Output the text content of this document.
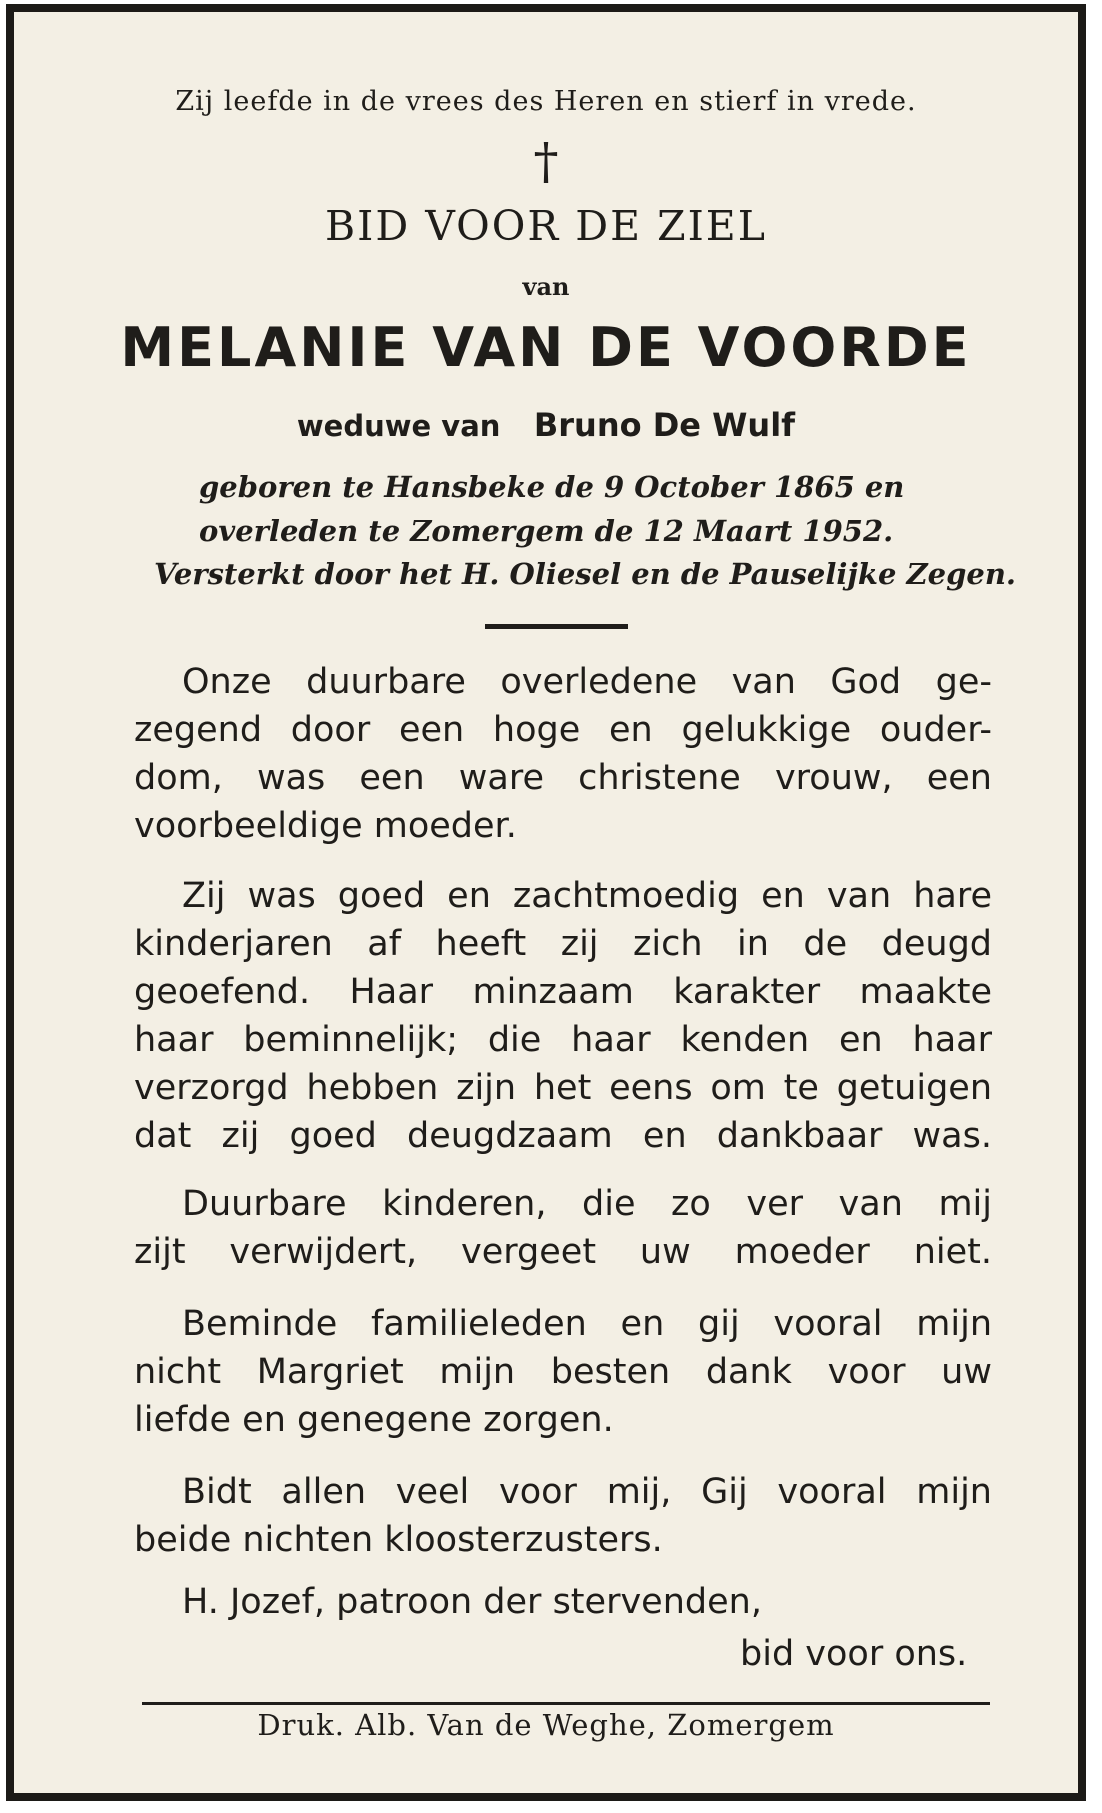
Zij leefde in de vrees des Heren en stierf in vrede.
†
BID VOOR DE ZIEL
van
MELANIE VAN DE VOORDE
weduwe van Bruno De Wulf
geboren te Hansbeke de 9 October 1865 en
overleden te Zomergem de 12 Maart 1952.
Versterkt door het H. Oliesel en de Pauselijke Zegen.
Onze duurbare overledene van God ge-
zegend door een hoge en gelukkige ouder-
dom, was een ware christene vrouw, een
voorbeeldige moeder.
Zij was goed en zachtmoedig en van hare
kinderjaren af heeft zij zich in de deugd
geoefend. Haar minzaam karakter maakte
haar beminnelijk; die haar kenden en haar
verzorgd hebben zijn het eens om te getuigen
dat zij goed deugdzaam en dankbaar was.
Duurbare kinderen, die zo ver van mij
zijt verwijdert, vergeet uw moeder niet.
Beminde familieleden en gij vooral mijn
nicht Margriet mijn besten dank voor uw
liefde en genegene zorgen.
Bidt allen veel voor mij, Gij vooral mijn
beide nichten kloosterzusters.
H. Jozef, patroon der stervenden,
bid voor ons.
Druk. Alb. Van de Weghe, Zomergem
